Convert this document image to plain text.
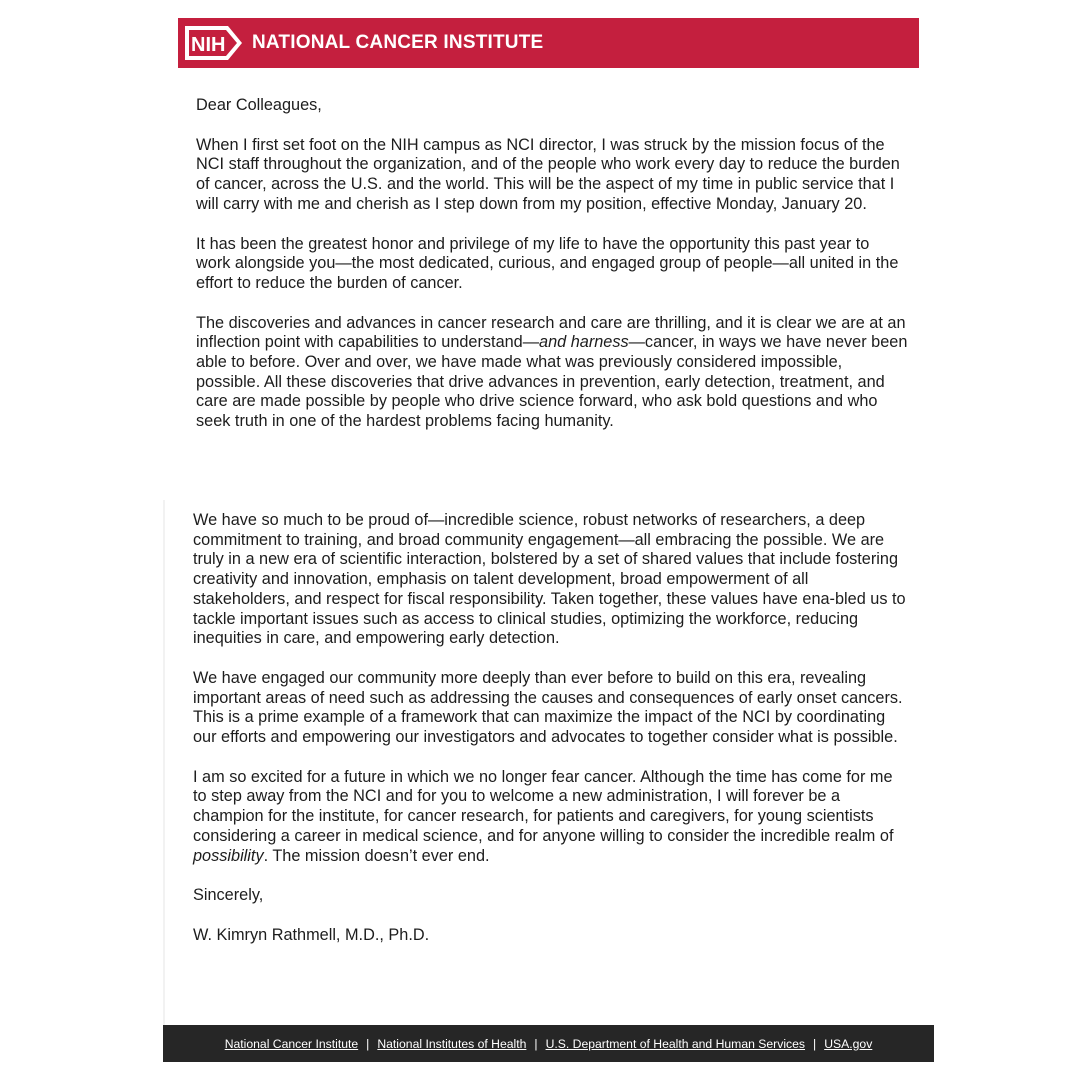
NIH NATIONAL CANCER INSTITUTE

Dear Colleagues,

When I first set foot on the NIH campus as NCI director, I was struck by the mission focus of the NCI staff throughout the organization, and of the people who work every day to reduce the burden of cancer, across the U.S. and the world. This will be the aspect of my time in public service that I will carry with me and cherish as I step down from my position, effective Monday, January 20.

It has been the greatest honor and privilege of my life to have the opportunity this past year to work alongside you—the most dedicated, curious, and engaged group of people—all united in the effort to reduce the burden of cancer.

The discoveries and advances in cancer research and care are thrilling, and it is clear we are at an inflection point with capabilities to understand—and harness—cancer, in ways we have never been able to before. Over and over, we have made what was previously considered impossible, possible. All these discoveries that drive advances in prevention, early detection, treatment, and care are made possible by people who drive science forward, who ask bold questions and who seek truth in one of the hardest problems facing humanity.

We have so much to be proud of—incredible science, robust networks of researchers, a deep commitment to training, and broad community engagement—all embracing the possible. We are truly in a new era of scientific interaction, bolstered by a set of shared values that include fostering creativity and innovation, emphasis on talent development, broad empowerment of all stakeholders, and respect for fiscal responsibility. Taken together, these values have ena-bled us to tackle important issues such as access to clinical studies, optimizing the workforce, reducing inequities in care, and empowering early detection.

We have engaged our community more deeply than ever before to build on this era, revealing important areas of need such as addressing the causes and consequences of early onset cancers. This is a prime example of a framework that can maximize the impact of the NCI by coordinating our efforts and empowering our investigators and advocates to together consider what is possible.

I am so excited for a future in which we no longer fear cancer. Although the time has come for me to step away from the NCI and for you to welcome a new administration, I will forever be a champion for the institute, for cancer research, for patients and caregivers, for young scientists considering a career in medical science, and for anyone willing to consider the incredible realm of possibility. The mission doesn’t ever end.

Sincerely,

W. Kimryn Rathmell, M.D., Ph.D.

National Cancer Institute | National Institutes of Health | U.S. Department of Health and Human Services | USA.gov
